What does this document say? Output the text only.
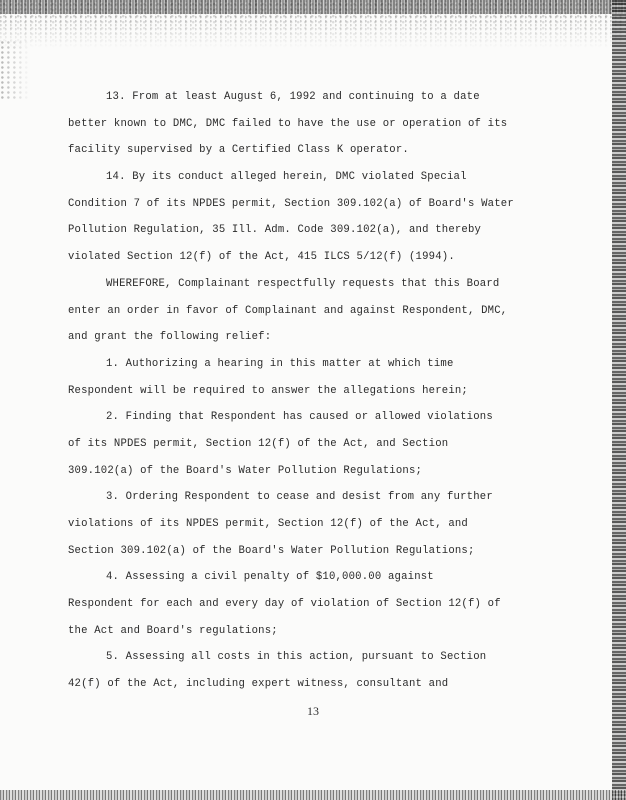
13. From at least August 6, 1992 and continuing to a date
better known to DMC, DMC failed to have the use or operation of its
facility supervised by a Certified Class K operator.
14. By its conduct alleged herein, DMC violated Special
Condition 7 of its NPDES permit, Section 309.102(a) of Board's Water
Pollution Regulation, 35 Ill. Adm. Code 309.102(a), and thereby
violated Section 12(f) of the Act, 415 ILCS 5/12(f) (1994).
WHEREFORE, Complainant respectfully requests that this Board
enter an order in favor of Complainant and against Respondent, DMC,
and grant the following relief:
1. Authorizing a hearing in this matter at which time
Respondent will be required to answer the allegations herein;
2. Finding that Respondent has caused or allowed violations
of its NPDES permit, Section 12(f) of the Act, and Section
309.102(a) of the Board's Water Pollution Regulations;
3. Ordering Respondent to cease and desist from any further
violations of its NPDES permit, Section 12(f) of the Act, and
Section 309.102(a) of the Board's Water Pollution Regulations;
4. Assessing a civil penalty of $10,000.00 against
Respondent for each and every day of violation of Section 12(f) of
the Act and Board's regulations;
5. Assessing all costs in this action, pursuant to Section
42(f) of the Act, including expert witness, consultant and
13
